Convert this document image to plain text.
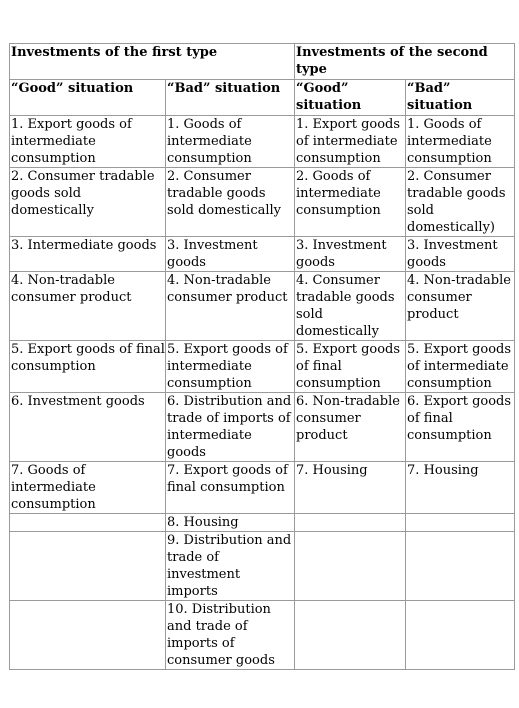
Investments of the first type		Investments of the second type	
“Good” situation	“Bad” situation	“Good” situation	“Bad” situation
1. Export goods of intermediate consumption	1. Goods of intermediate consumption	1. Export goods of intermediate consumption	1. Goods of intermediate consumption
2. Consumer tradable goods sold domestically	2. Consumer tradable goods sold domestically	2. Goods of intermediate consumption	2. Consumer tradable goods sold domestically)
3. Intermediate goods	3. Investment goods	3. Investment goods	3. Investment goods
4. Non-tradable consumer product	4. Non-tradable consumer product	4. Consumer tradable goods sold domestically	4. Non-tradable consumer product
5. Export goods of final consumption	5. Export goods of intermediate consumption	5. Export goods of final consumption	5. Export goods of intermediate consumption
6. Investment goods	6. Distribution and trade of imports of intermediate goods	6. Non-tradable consumer product	6. Export goods of final consumption
7. Goods of intermediate consumption	7. Export goods of final consumption	7. Housing	7. Housing
	8. Housing		
	9. Distribution and trade of investment imports		
	10. Distribution and trade of imports of consumer goods		
